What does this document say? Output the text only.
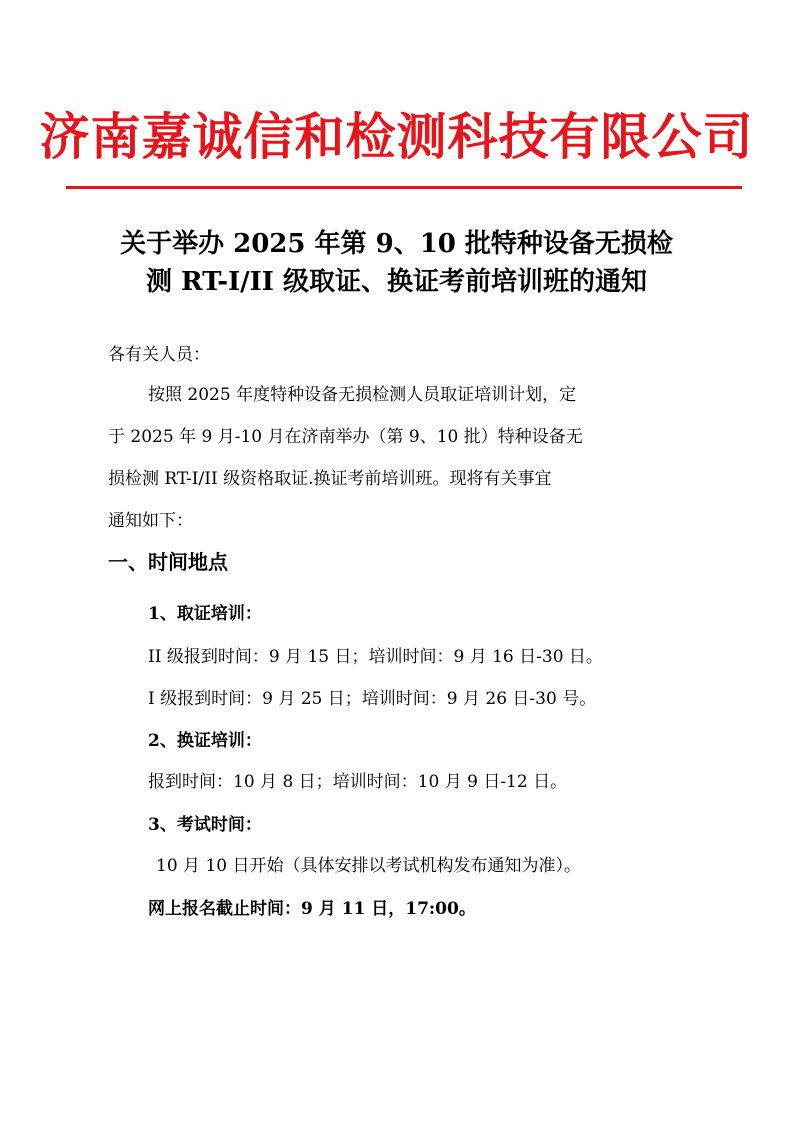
济南嘉诚信和检测科技有限公司
关于举办 2025 年第 9、10 批特种设备无损检
测 RT-I/II 级取证、换证考前培训班的通知
各有关人员：
按照 2025 年度特种设备无损检测人员取证培训计划，定
于 2025 年 9 月-10 月在济南举办（第 9、10 批）特种设备无
损检测 RT-I/II 级资格取证.换证考前培训班。现将有关事宜
通知如下：
一、时间地点
1、取证培训：
II 级报到时间：9 月 15 日；培训时间：9 月 16 日-30 日。
I 级报到时间：9 月 25 日；培训时间：9 月 26 日-30 号。
2、换证培训：
报到时间：10 月 8 日；培训时间：10 月 9 日-12 日。
3、考试时间：
10 月 10 日开始（具体安排以考试机构发布通知为准）。
网上报名截止时间：9 月 11 日，17:00。
